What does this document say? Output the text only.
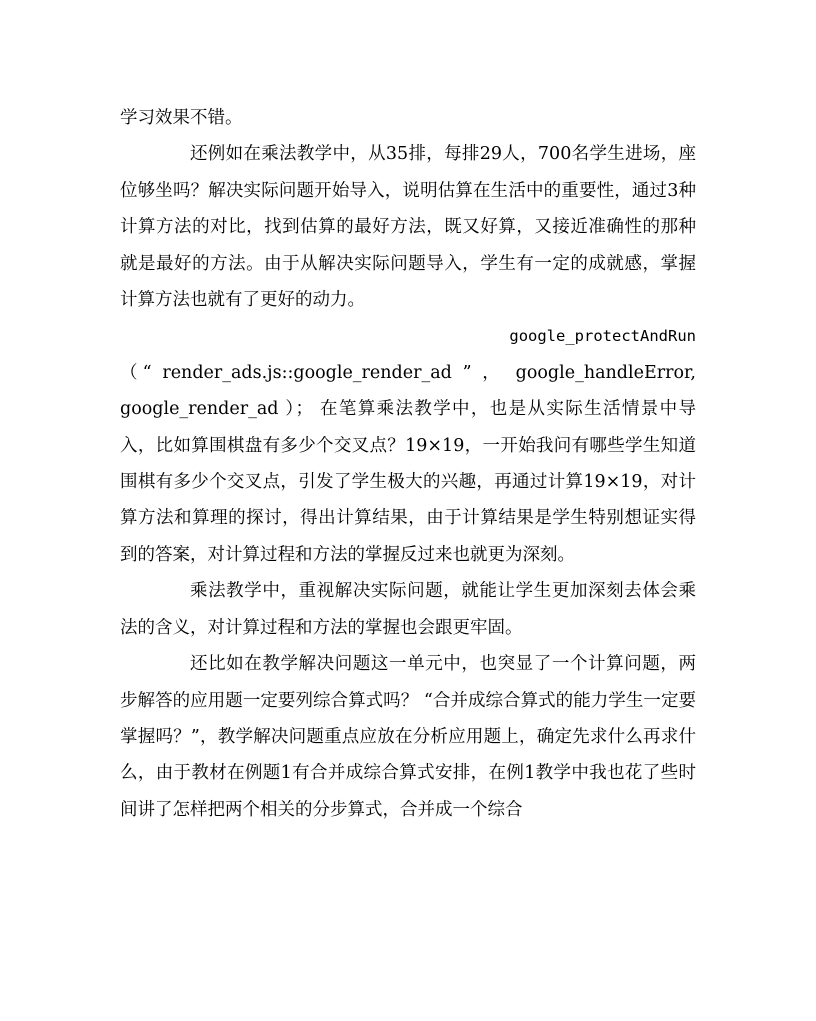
学习效果不错。

还例如在乘法教学中，从35排，每排29人，700名学生进场，座位够坐吗？解决实际问题开始导入，说明估算在生活中的重要性，通过3种计算方法的对比，找到估算的最好方法，既又好算，又接近准确性的那种就是最好的方法。由于从解决实际问题导入，学生有一定的成就感，掌握计算方法也就有了更好的动力。

google_protectAndRun

（“ render_ads.js::google_render_ad ” ， google_handleError, google_render_ad ）； 在笔算乘法教学中，也是从实际生活情景中导入，比如算围棋盘有多少个交叉点？19×19，一开始我问有哪些学生知道围棋有多少个交叉点，引发了学生极大的兴趣，再通过计算19×19，对计算方法和算理的探讨，得出计算结果，由于计算结果是学生特别想证实得到的答案，对计算过程和方法的掌握反过来也就更为深刻。

乘法教学中，重视解决实际问题，就能让学生更加深刻去体会乘法的含义，对计算过程和方法的掌握也会跟更牢固。

还比如在教学解决问题这一单元中，也突显了一个计算问题，两步解答的应用题一定要列综合算式吗？ “合并成综合算式的能力学生一定要掌握吗？”，教学解决问题重点应放在分析应用题上，确定先求什么再求什么，由于教材在例题1有合并成综合算式安排，在例1教学中我也花了些时间讲了怎样把两个相关的分步算式，合并成一个综合
